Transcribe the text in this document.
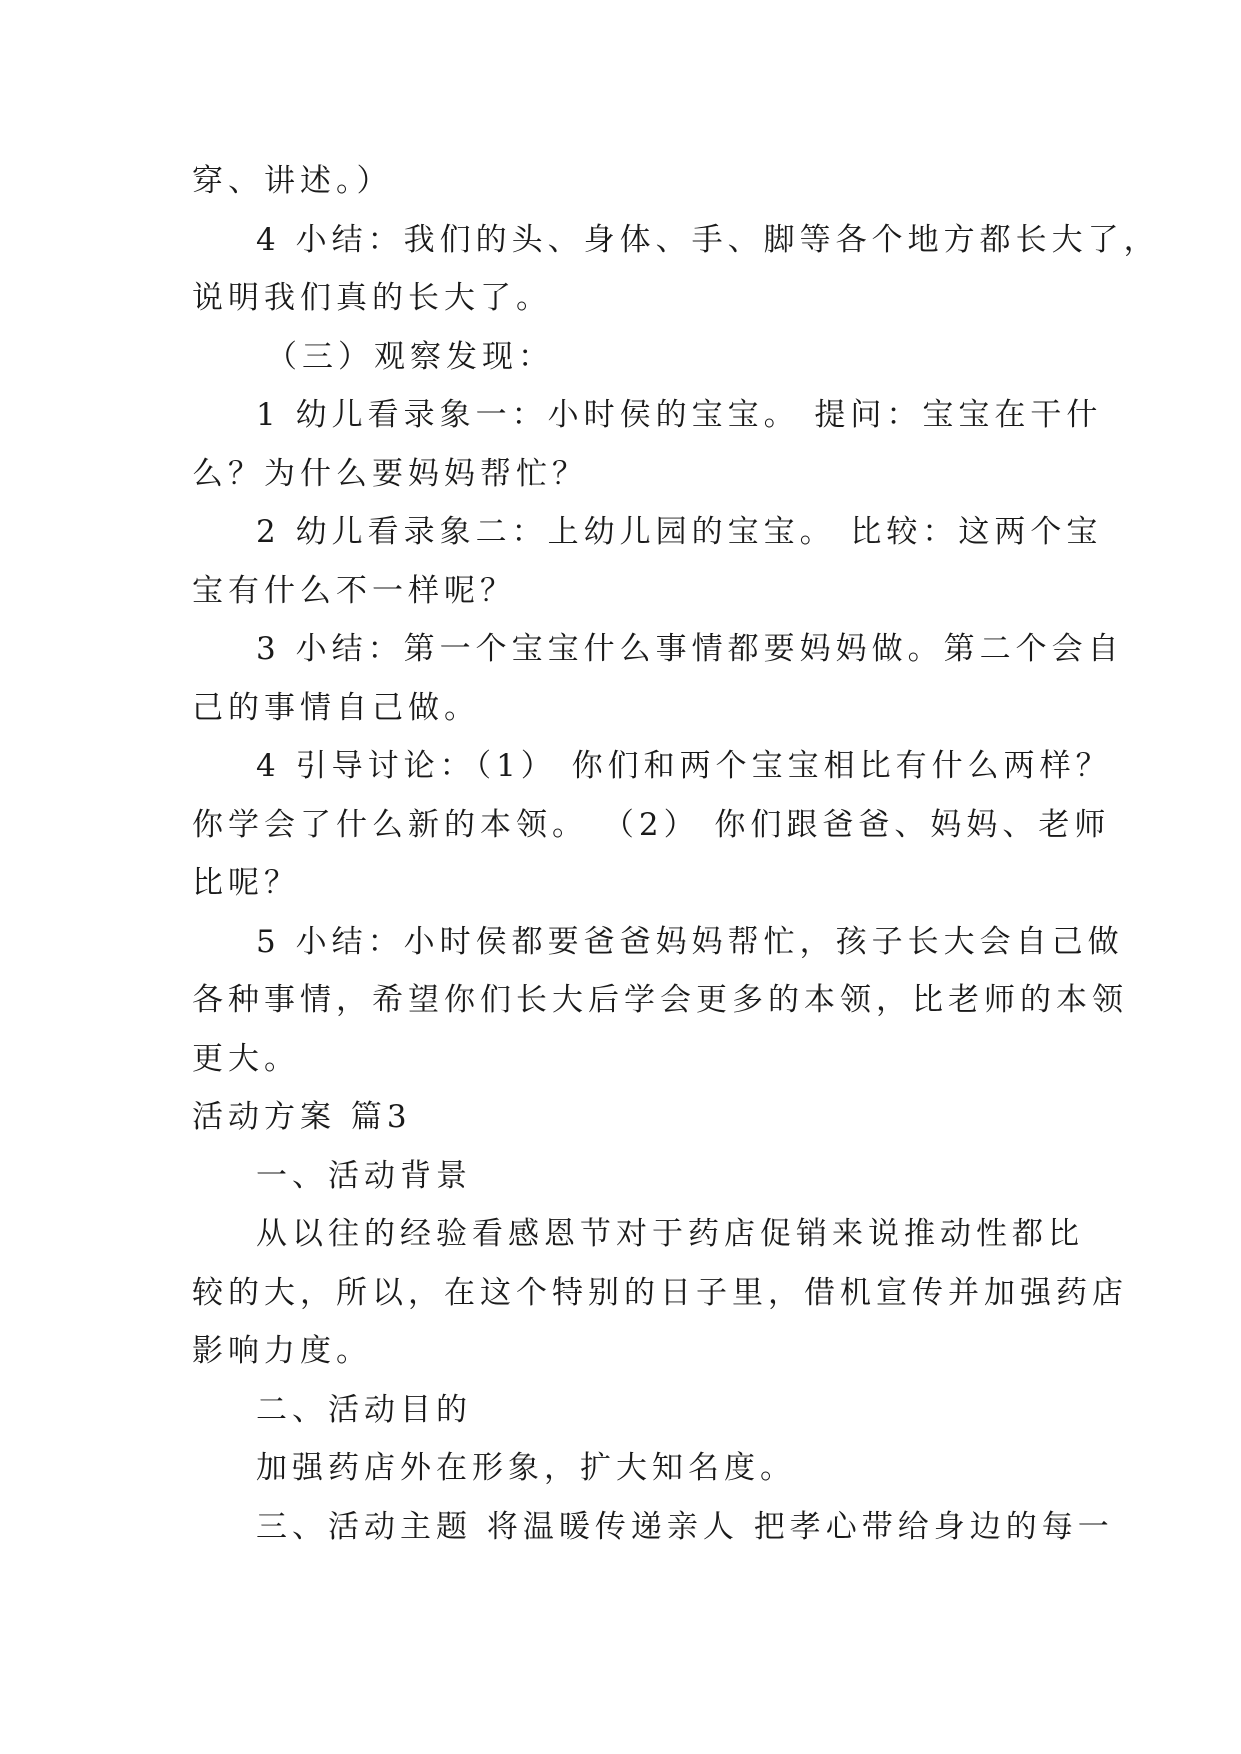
穿、讲述。）
4 小结：我们的头、身体、手、脚等各个地方都长大了，
说明我们真的长大了。
（三）观察发现：
1 幼儿看录象一：小时侯的宝宝。 提问：宝宝在干什
么？为什么要妈妈帮忙？
2 幼儿看录象二：上幼儿园的宝宝。 比较：这两个宝
宝有什么不一样呢？
3 小结：第一个宝宝什么事情都要妈妈做。第二个会自
己的事情自己做。
4 引导讨论：（1） 你们和两个宝宝相比有什么两样？
你学会了什么新的本领。 （2） 你们跟爸爸、妈妈、老师
比呢？
5 小结：小时侯都要爸爸妈妈帮忙，孩子长大会自己做
各种事情，希望你们长大后学会更多的本领，比老师的本领
更大。
活动方案 篇3
一、活动背景
从以往的经验看感恩节对于药店促销来说推动性都比
较的大，所以，在这个特别的日子里，借机宣传并加强药店
影响力度。
二、活动目的
加强药店外在形象，扩大知名度。
三、活动主题 将温暖传递亲人 把孝心带给身边的每一
